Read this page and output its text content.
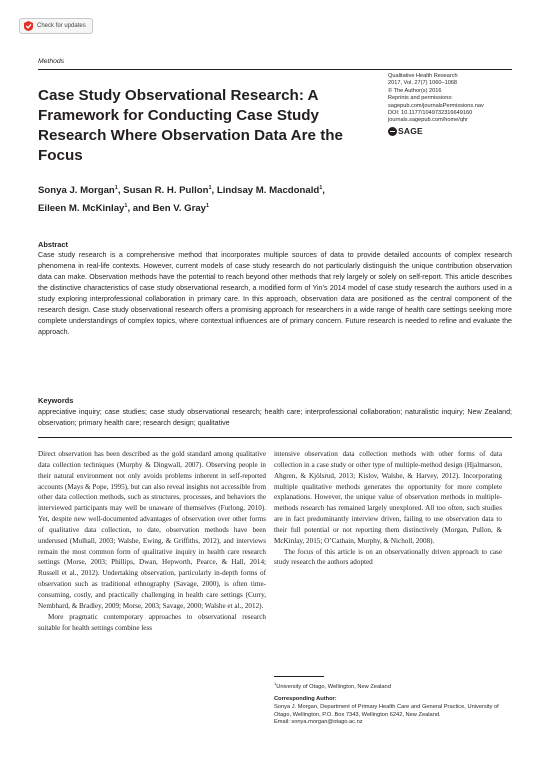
Check for updates
Methods
Case Study Observational Research: A Framework for Conducting Case Study Research Where Observation Data Are the Focus
Qualitative Health Research
2017, Vol. 27(7) 1060–1068
© The Author(s) 2016
Reprints and permissions:
sagepub.com/journalsPermissions.nav
DOI: 10.1177/1049732316649160
journals.sagepub.com/home/qhr
SAGE

Sonya J. Morgan$^1$, Susan R. H. Pullon$^1$, Lindsay M. Macdonald$^1$,
Eileen M. McKinlay$^1$, and Ben V. Gray$^1$

Abstract

Case study research is a comprehensive method that incorporates multiple sources of data to provide detailed accounts of complex research phenomena in real-life contexts. However, current models of case study research do not particularly distinguish the unique contribution observation data can make. Observation methods have the potential to reach beyond other methods that rely largely or solely on self-report. This article describes the distinctive characteristics of case study observational research, a modified form of Yin’s 2014 model of case study research the authors used in a study exploring interprofessional collaboration in primary care. In this approach, observation data are positioned as the central component of the research design. Case study observational research offers a promising approach for researchers in a wide range of health care settings seeking more complete understandings of complex topics, where contextual influences are of primary concern. Future research is needed to refine and evaluate the approach.

Keywords

appreciative inquiry; case studies; case study observational research; health care; interprofessional collaboration; naturalistic inquiry; New Zealand; observation; primary health care; research design; qualitative

Direct observation has been described as the gold standard among qualitative data collection techniques (Murphy & Dingwall, 2007). Observing people in their natural environment not only avoids problems inherent in self-reported accounts (Mays & Pope, 1995), but can also reveal insights not accessible from other data collection methods, such as structures, processes, and behaviors the interviewed participants may well be unaware of themselves (Furlong, 2010). Yet, despite new well-documented advantages of observation over other forms of qualitative data collection, to date, observation methods have been underused (Mulhall, 2003; Walshe, Ewing, & Griffiths, 2012), and interviews remain the most common form of qualitative inquiry in health care research settings (Morse, 2003; Phillips, Dwan, Hepworth, Pearce, & Hall, 2014; Russell et al., 2012). Undertaking observation, particularly in-depth forms of observation such as traditional ethnography (Savage, 2000), is often time-consuming, costly, and practically challenging in health care settings (Curry, Nembhard, & Bradley, 2009; Morse, 2003; Savage, 2000; Walshe et al., 2012).

More pragmatic contemporary approaches to observational research suitable for health settings combine less

intensive observation data collection methods with other forms of data collection in a case study or other type of multiple-method design (Hjalmarson, Ahgren, & Kjölsrud, 2013; Kislov, Walshe, & Harvey, 2012). Incorporating multiple qualitative methods generates the opportunity for more complete explanations. However, the unique value of observation methods in multiple-methods research has remained largely unexplored. All too often, such studies are in fact predominantly interview driven, failing to use observation data to their full potential or not reporting them distinctively (Morgan, Pullon, & McKinlay, 2015; O’Cathain, Murphy, & Nicholl, 2008).

The focus of this article is on an observationally driven approach to case study research the authors adopted

$^1$University of Otago, Wellington, New Zealand
Corresponding Author:
Sonya J. Morgan, Department of Primary Health Care and General Practice, University of Otago, Wellington, P.O. Box 7343, Wellington 6242, New Zealand.
Email: sonya.morgan@otago.ac.nz
